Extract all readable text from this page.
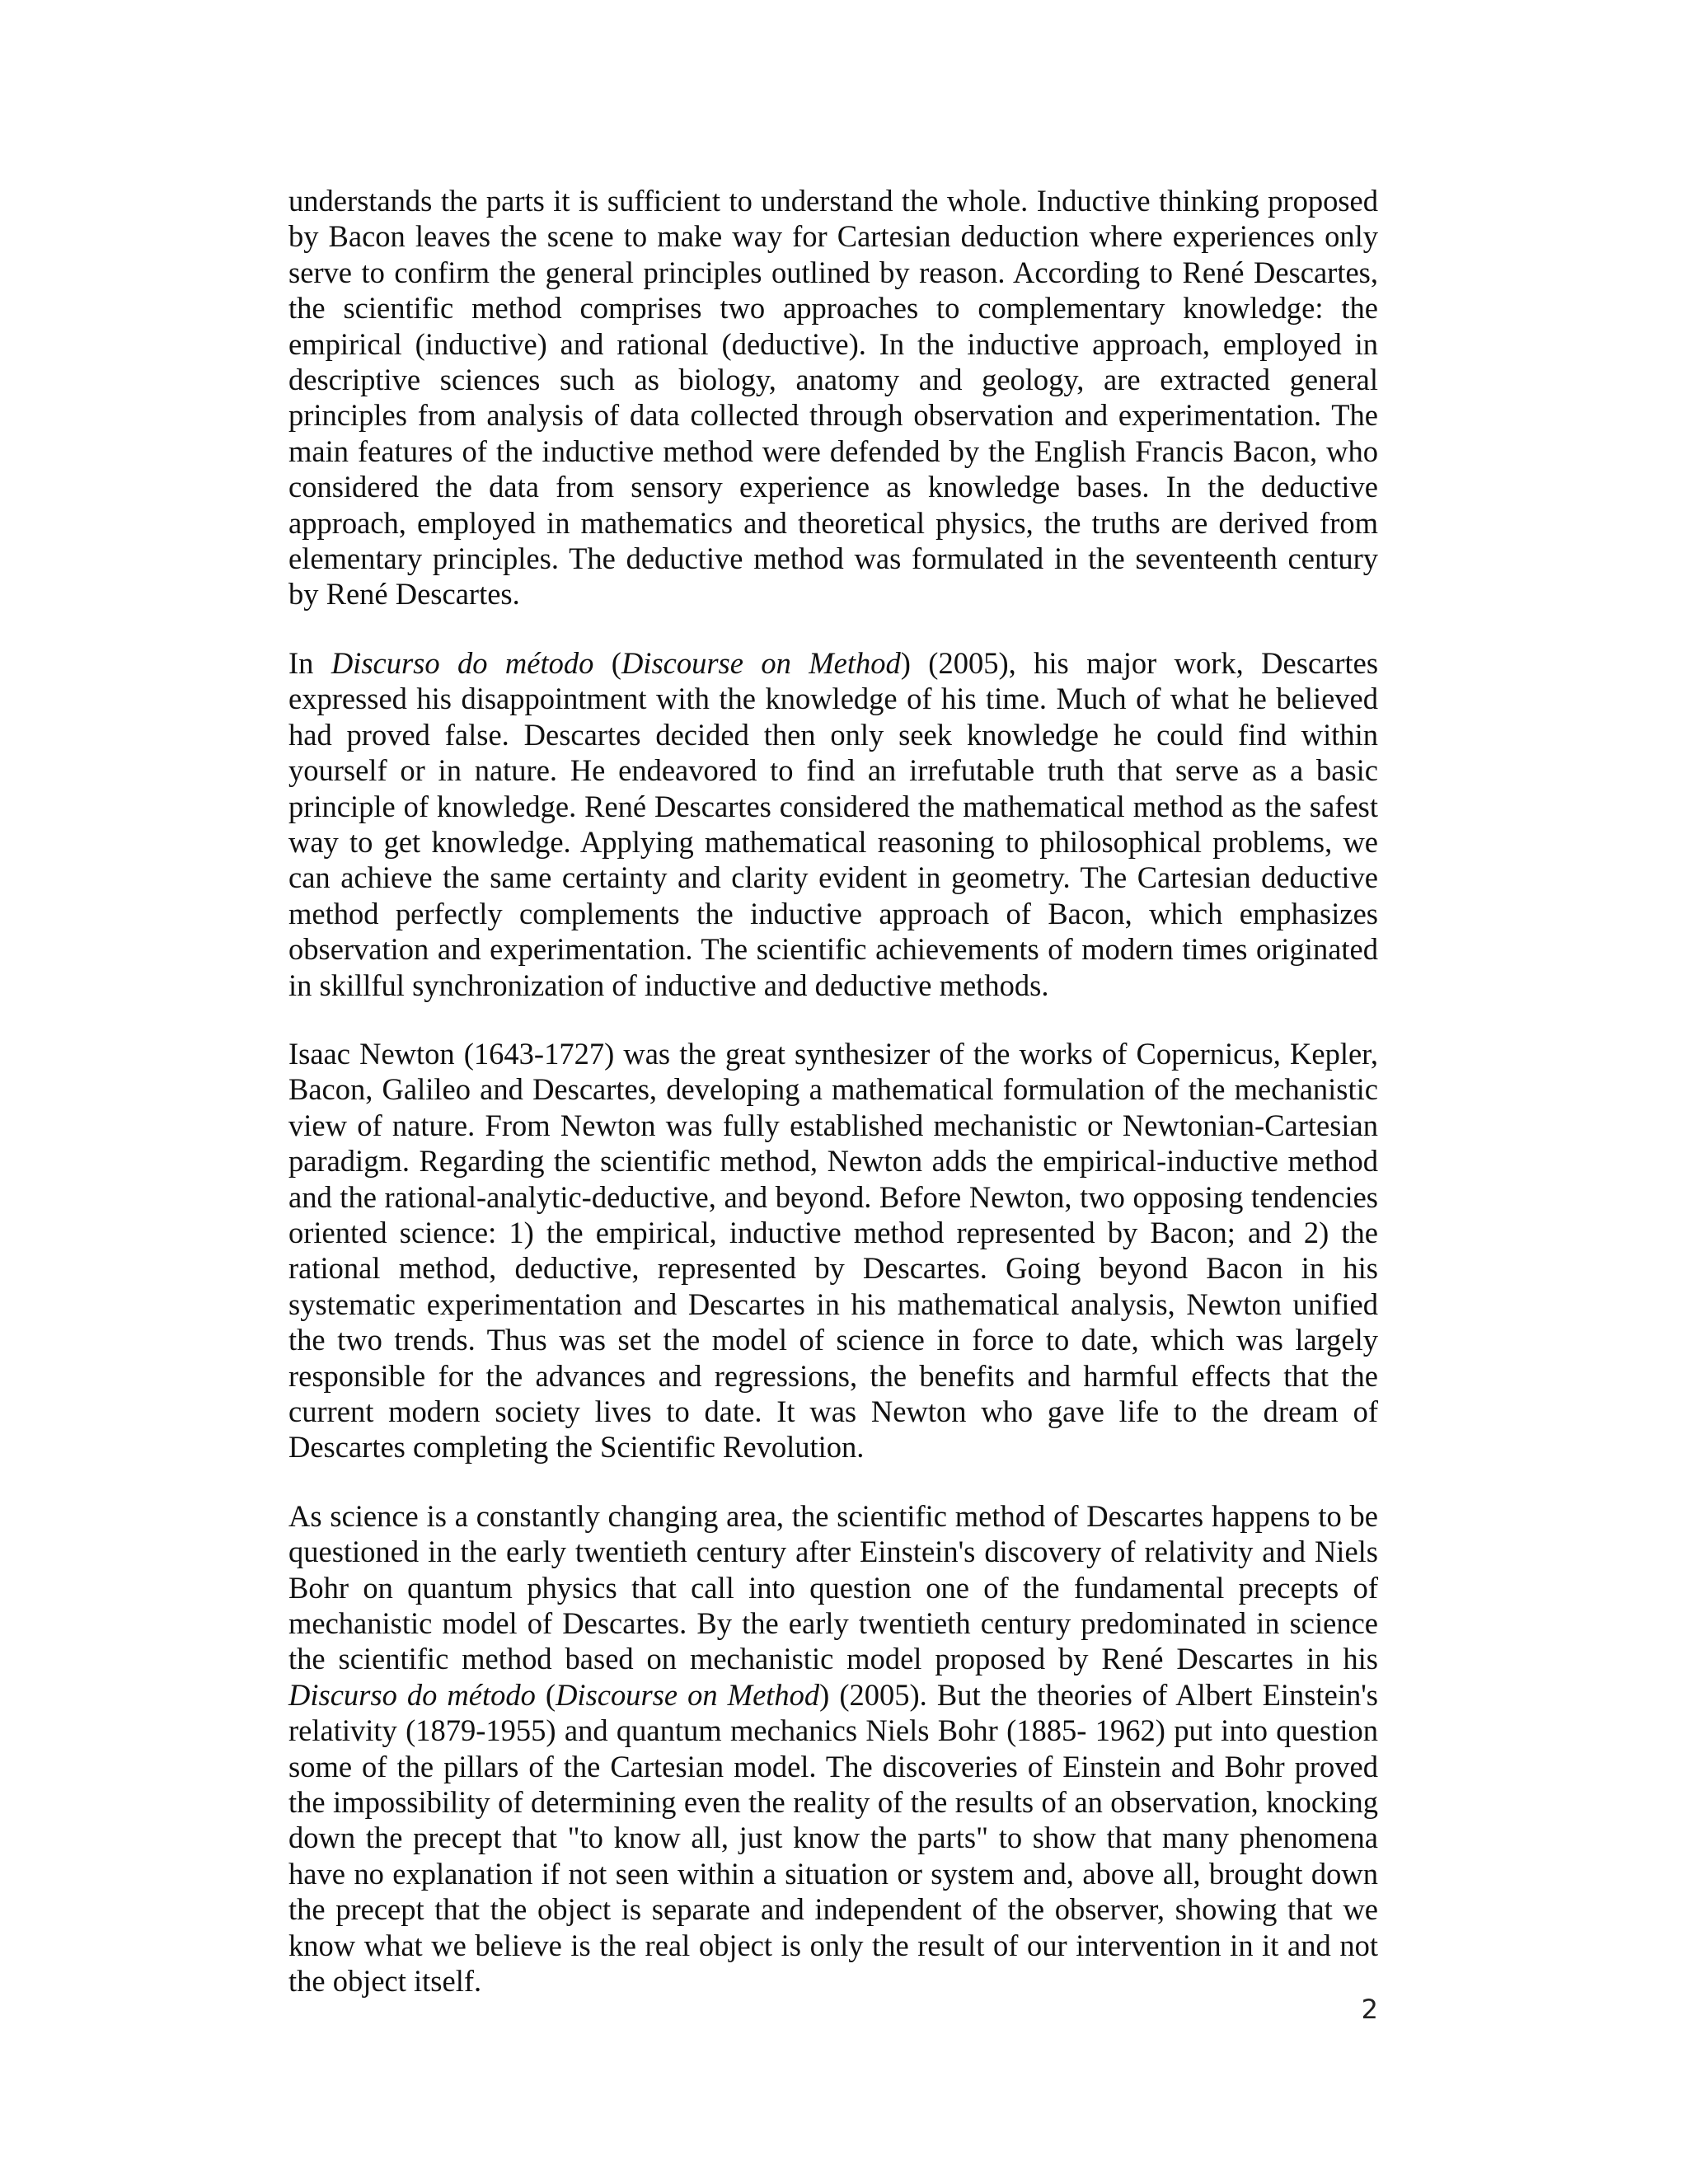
understands the parts it is sufficient to understand the whole. Inductive thinking proposed by Bacon leaves the scene to make way for Cartesian deduction where experiences only serve to confirm the general principles outlined by reason. According to René Descartes, the scientific method comprises two approaches to complementary knowledge: the empirical (inductive) and rational (deductive). In the inductive approach, employed in descriptive sciences such as biology, anatomy and geology, are extracted general principles from analysis of data collected through observation and experimentation. The main features of the inductive method were defended by the English Francis Bacon, who considered the data from sensory experience as knowledge bases. In the deductive approach, employed in mathematics and theoretical physics, the truths are derived from elementary principles. The deductive method was formulated in the seventeenth century by René Descartes.

In Discurso do método (Discourse on Method) (2005), his major work, Descartes expressed his disappointment with the knowledge of his time. Much of what he believed had proved false. Descartes decided then only seek knowledge he could find within yourself or in nature. He endeavored to find an irrefutable truth that serve as a basic principle of knowledge. René Descartes considered the mathematical method as the safest way to get knowledge. Applying mathematical reasoning to philosophical problems, we can achieve the same certainty and clarity evident in geometry. The Cartesian deductive method perfectly complements the inductive approach of Bacon, which emphasizes observation and experimentation. The scientific achievements of modern times originated in skillful synchronization of inductive and deductive methods.

Isaac Newton (1643-1727) was the great synthesizer of the works of Copernicus, Kepler, Bacon, Galileo and Descartes, developing a mathematical formulation of the mechanistic view of nature. From Newton was fully established mechanistic or Newtonian-Cartesian paradigm. Regarding the scientific method, Newton adds the empirical-inductive method and the rational-analytic-deductive, and beyond. Before Newton, two opposing tendencies oriented science: 1) the empirical, inductive method represented by Bacon; and 2) the rational method, deductive, represented by Descartes. Going beyond Bacon in his systematic experimentation and Descartes in his mathematical analysis, Newton unified the two trends. Thus was set the model of science in force to date, which was largely responsible for the advances and regressions, the benefits and harmful effects that the current modern society lives to date. It was Newton who gave life to the dream of Descartes completing the Scientific Revolution.

As science is a constantly changing area, the scientific method of Descartes happens to be questioned in the early twentieth century after Einstein's discovery of relativity and Niels Bohr on quantum physics that call into question one of the fundamental precepts of mechanistic model of Descartes. By the early twentieth century predominated in science the scientific method based on mechanistic model proposed by René Descartes in his Discurso do método (Discourse on Method) (2005). But the theories of Albert Einstein's relativity (1879-1955) and quantum mechanics Niels Bohr (1885- 1962) put into question some of the pillars of the Cartesian model. The discoveries of Einstein and Bohr proved the impossibility of determining even the reality of the results of an observation, knocking down the precept that "to know all, just know the parts" to show that many phenomena have no explanation if not seen within a situation or system and, above all, brought down the precept that the object is separate and independent of the observer, showing that we know what we believe is the real object is only the result of our intervention in it and not the object itself.

2
